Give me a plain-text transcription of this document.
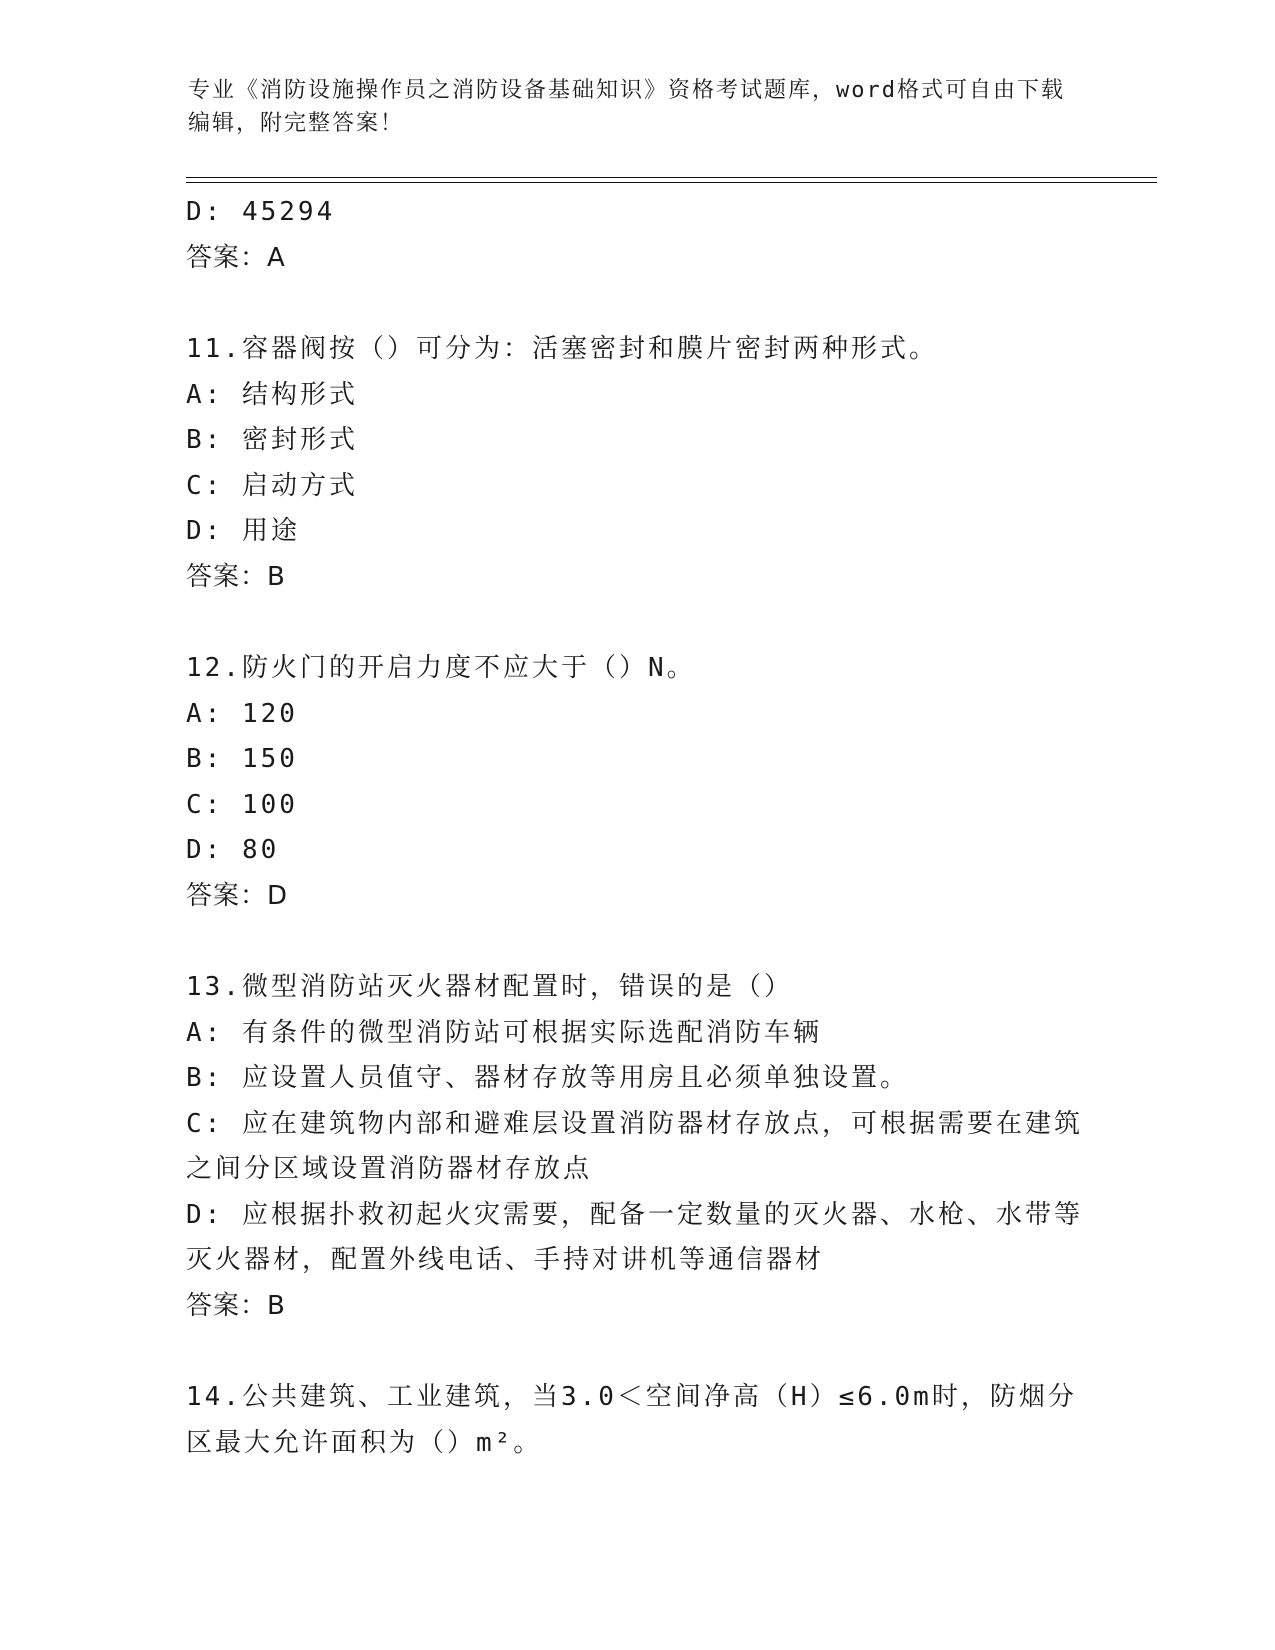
专业《消防设施操作员之消防设备基础知识》资格考试题库，word格式可自由下载编辑，附完整答案！
D: 45294
答案：A
11.容器阀按（）可分为：活塞密封和膜片密封两种形式。
A: 结构形式
B: 密封形式
C: 启动方式
D: 用途
答案：B
12.防火门的开启力度不应大于（）N。
A: 120
B: 150
C: 100
D: 80
答案：D
13.微型消防站灭火器材配置时，错误的是（）
A: 有条件的微型消防站可根据实际选配消防车辆
B: 应设置人员值守、器材存放等用房且必须单独设置。
C: 应在建筑物内部和避难层设置消防器材存放点，可根据需要在建筑之间分区域设置消防器材存放点
D: 应根据扑救初起火灾需要，配备一定数量的灭火器、水枪、水带等灭火器材，配置外线电话、手持对讲机等通信器材
答案：B
14.公共建筑、工业建筑，当3.0＜空间净高（H）≤6.0m时，防烟分区最大允许面积为（）m²。
